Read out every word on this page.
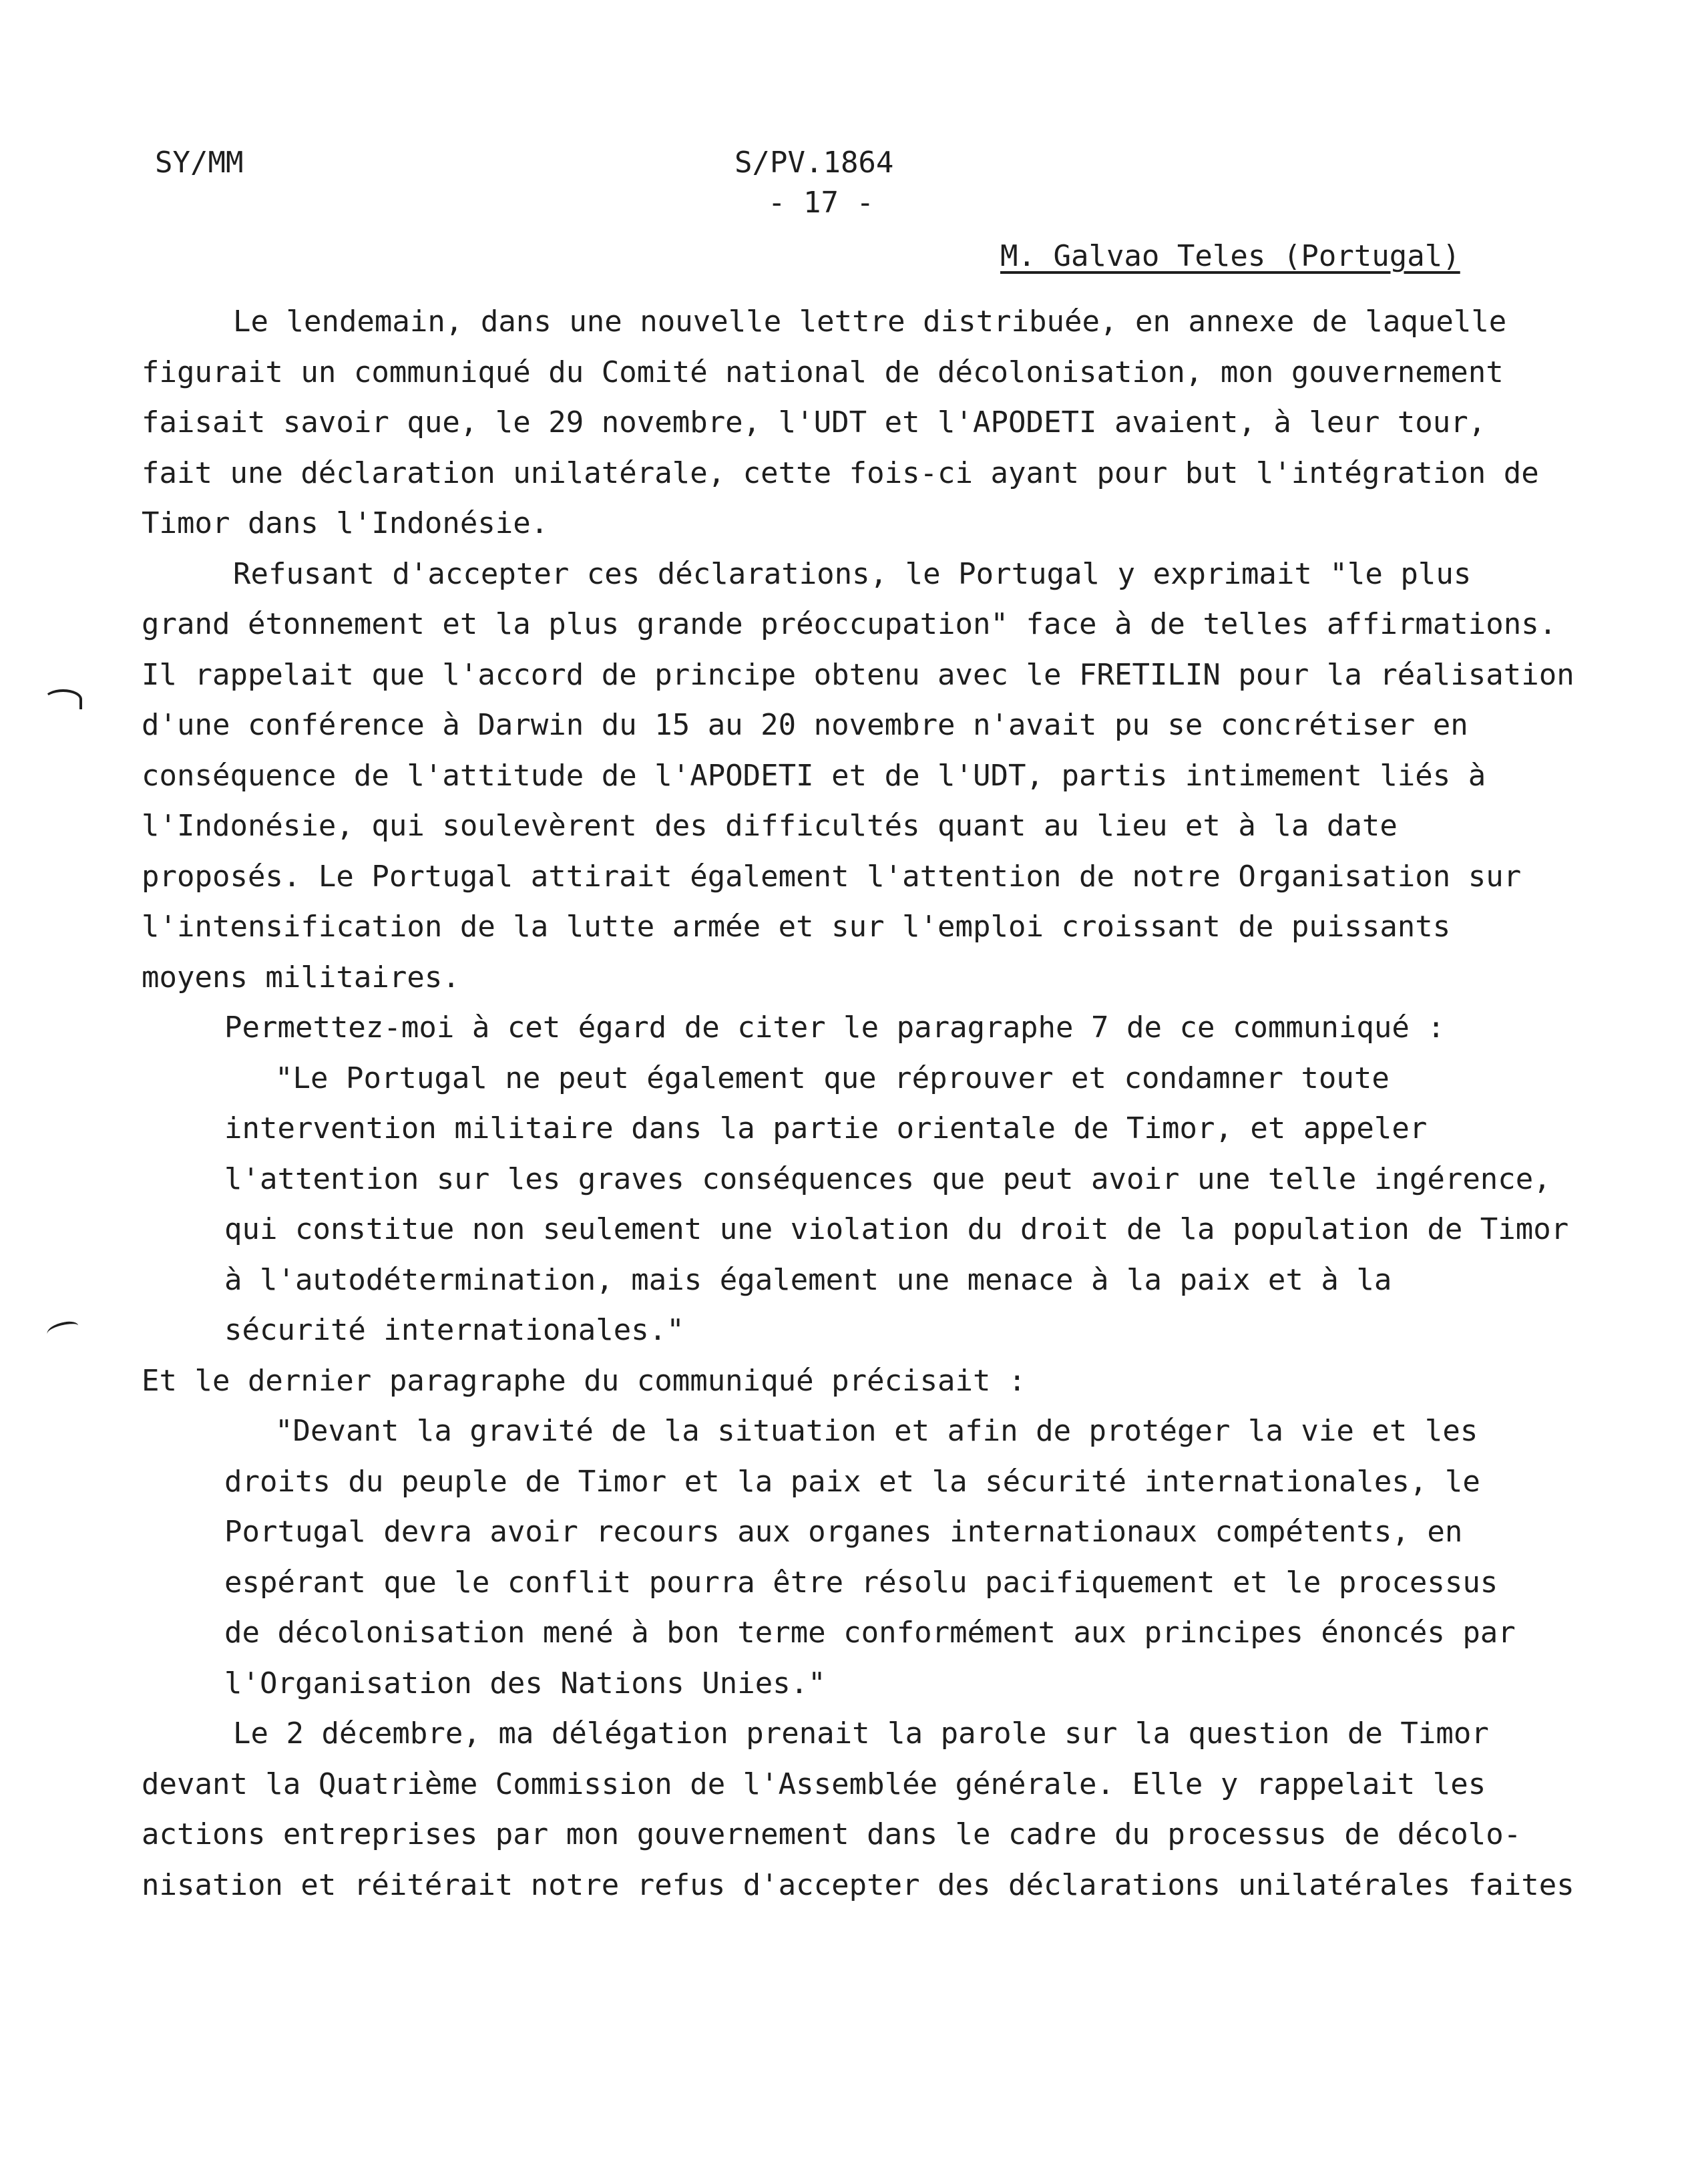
SY/MM	S/PV.1864
- 17 -
M. Galvao Teles (Portugal)
Le lendemain, dans une nouvelle lettre distribuée, en annexe de laquelle
figurait un communiqué du Comité national de décolonisation, mon gouvernement
faisait savoir que, le 29 novembre, l'UDT et l'APODETI avaient, à leur tour,
fait une déclaration unilatérale, cette fois-ci ayant pour but l'intégration de
Timor dans l'Indonésie.
Refusant d'accepter ces déclarations, le Portugal y exprimait "le plus
grand étonnement et la plus grande préoccupation" face à de telles affirmations.
Il rappelait que l'accord de principe obtenu avec le FRETILIN pour la réalisation
d'une conférence à Darwin du 15 au 20 novembre n'avait pu se concrétiser en
conséquence de l'attitude de l'APODETI et de l'UDT, partis intimement liés à
l'Indonésie, qui soulevèrent des difficultés quant au lieu et à la date
proposés. Le Portugal attirait également l'attention de notre Organisation sur
l'intensification de la lutte armée et sur l'emploi croissant de puissants
moyens militaires.
Permettez-moi à cet égard de citer le paragraphe 7 de ce communiqué :
"Le Portugal ne peut également que réprouver et condamner toute
intervention militaire dans la partie orientale de Timor, et appeler
l'attention sur les graves conséquences que peut avoir une telle ingérence,
qui constitue non seulement une violation du droit de la population de Timor
à l'autodétermination, mais également une menace à la paix et à la
sécurité internationales."
Et le dernier paragraphe du communiqué précisait :
"Devant la gravité de la situation et afin de protéger la vie et les
droits du peuple de Timor et la paix et la sécurité internationales, le
Portugal devra avoir recours aux organes internationaux compétents, en
espérant que le conflit pourra être résolu pacifiquement et le processus
de décolonisation mené à bon terme conformément aux principes énoncés par
l'Organisation des Nations Unies."
Le 2 décembre, ma délégation prenait la parole sur la question de Timor
devant la Quatrième Commission de l'Assemblée générale. Elle y rappelait les
actions entreprises par mon gouvernement dans le cadre du processus de décolo-
nisation et réitérait notre refus d'accepter des déclarations unilatérales faites
